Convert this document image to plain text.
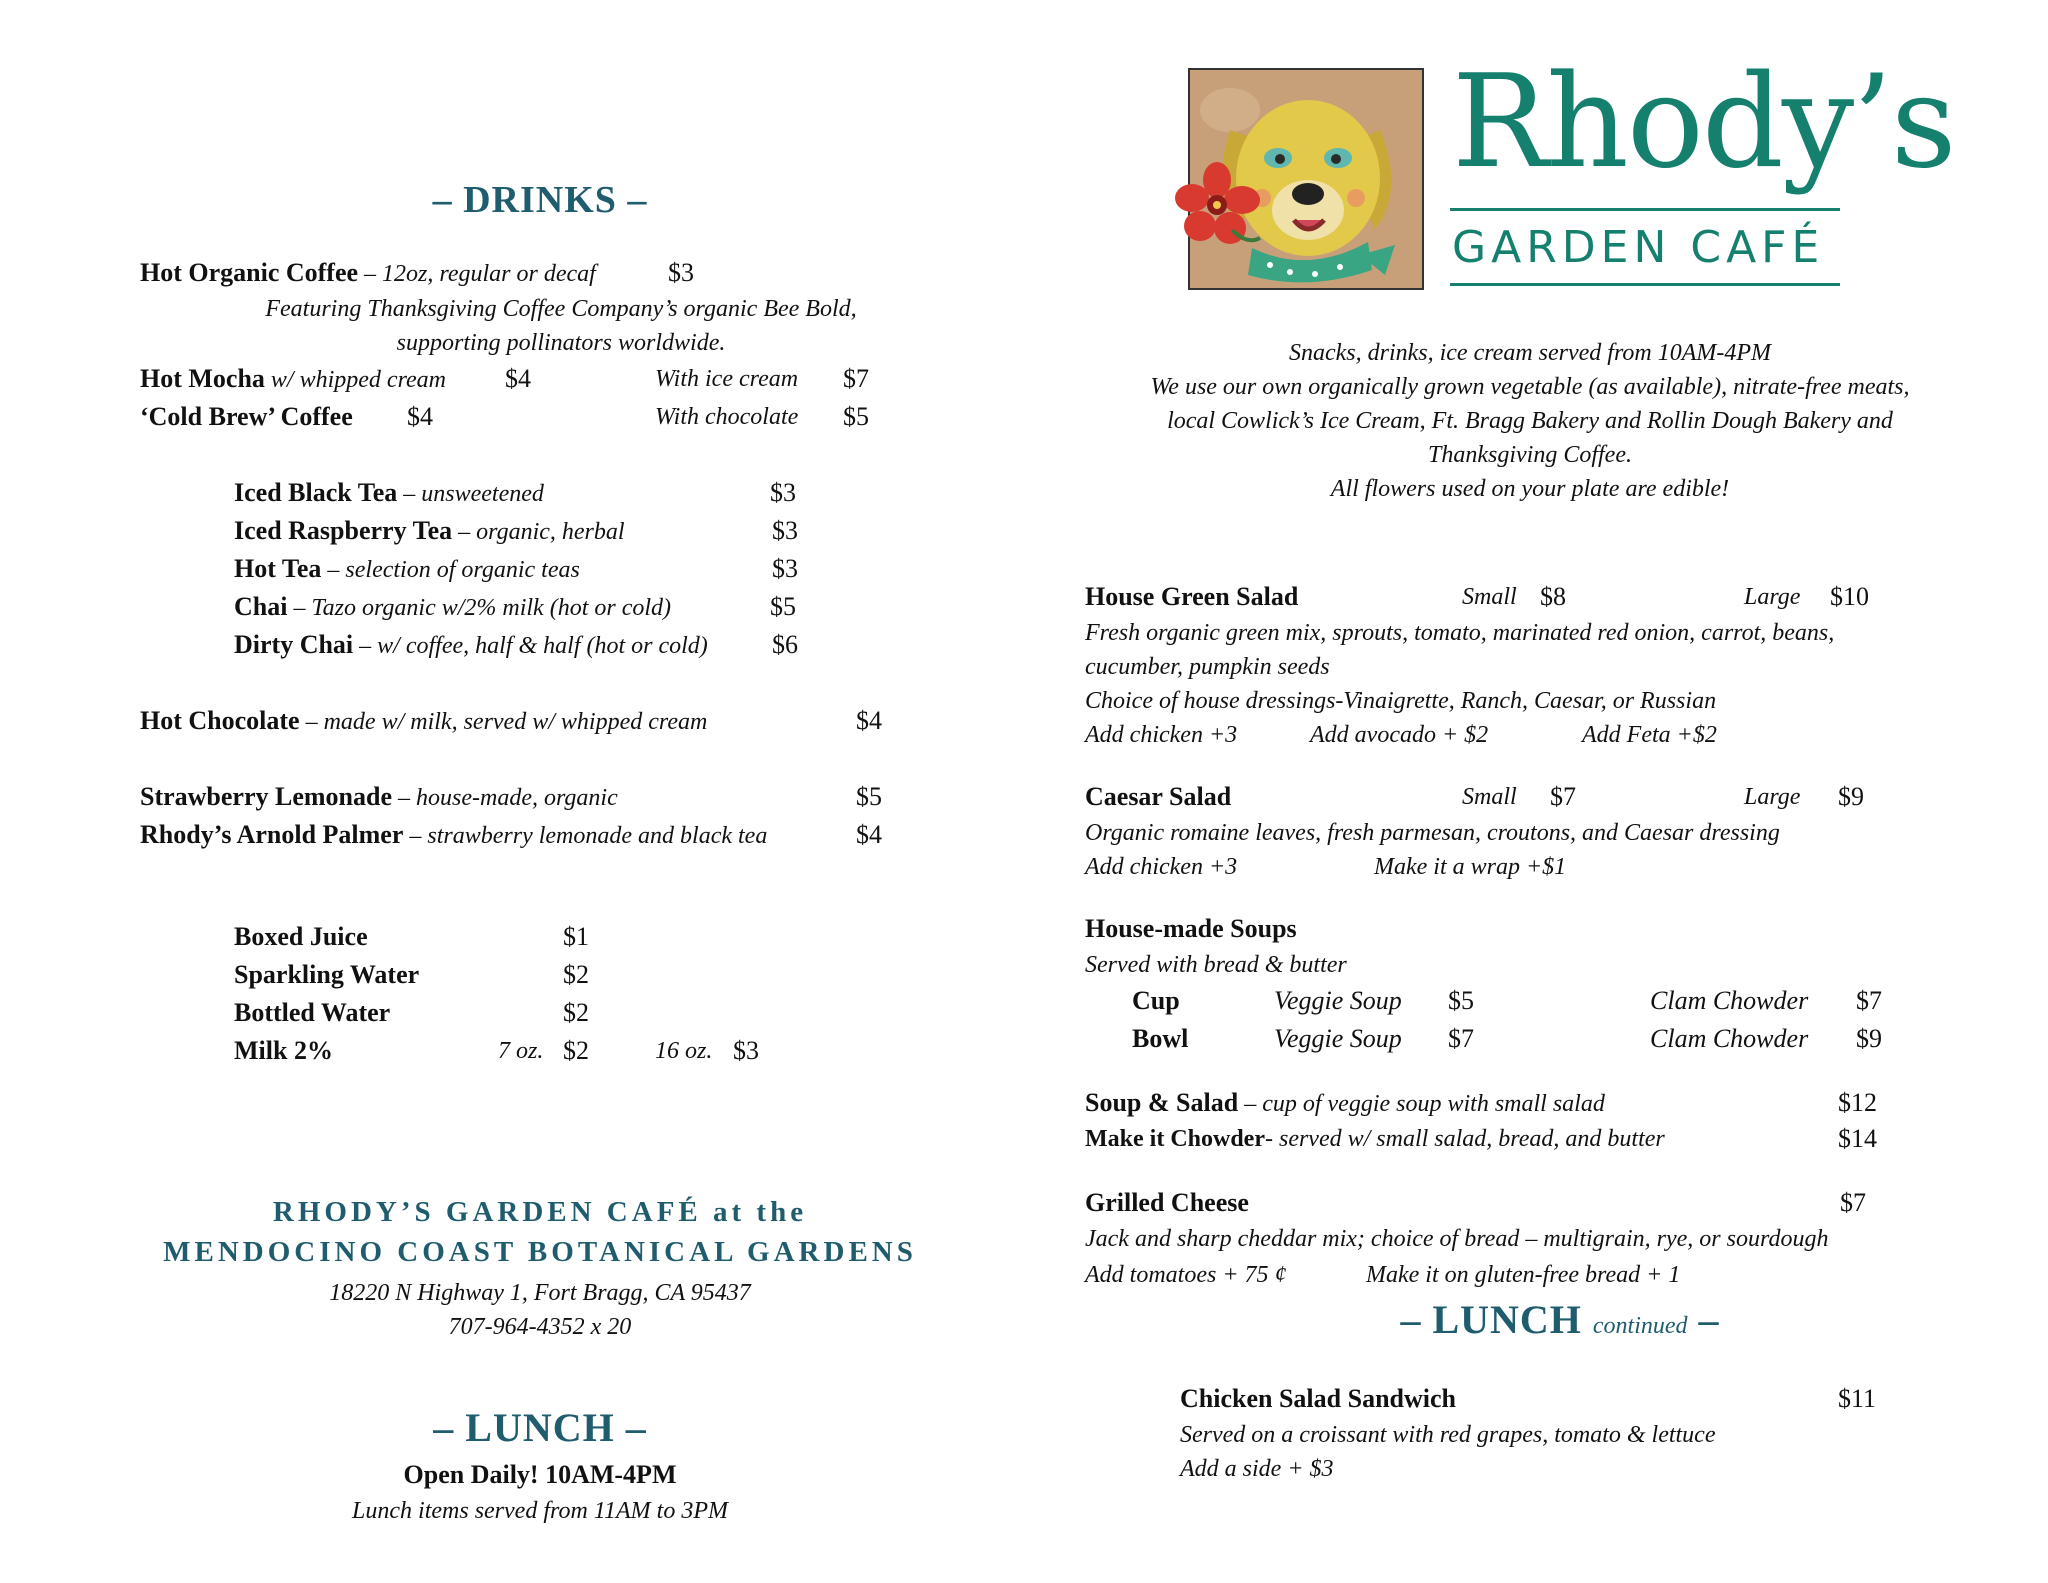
– DRINKS –
Hot Organic Coffee – 12oz, regular or decaf	$3
Featuring Thanksgiving Coffee Company’s organic Bee Bold,
supporting pollinators worldwide.
Hot Mocha w/ whipped cream $4	With ice cream $7
‘Cold Brew’ Coffee $4	With chocolate $5
Iced Black Tea – unsweetened	$3
Iced Raspberry Tea – organic, herbal	$3
Hot Tea – selection of organic teas	$3
Chai – Tazo organic w/2% milk (hot or cold)	$5
Dirty Chai – w/ coffee, half & half (hot or cold) $6
Hot Chocolate – made w/ milk, served w/ whipped cream	$4
Strawberry Lemonade – house-made, organic	$5
Rhody’s Arnold Palmer – strawberry lemonade and black tea	$4
Boxed Juice	$1
Sparkling Water	$2
Bottled Water	$2
Milk 2%	7 oz. $2	16 oz. $3
RHODY’S GARDEN CAFÉ at the
MENDOCINO COAST BOTANICAL GARDENS
18220 N Highway 1, Fort Bragg, CA 95437
707-964-4352 x 20
– LUNCH –
Open Daily! 10AM-4PM
Lunch items served from 11AM to 3PM
Rhody’s
GARDEN CAFÉ
Snacks, drinks, ice cream served from 10AM-4PM
We use our own organically grown vegetable (as available), nitrate-free meats,
local Cowlick’s Ice Cream, Ft. Bragg Bakery and Rollin Dough Bakery and
Thanksgiving Coffee.
All flowers used on your plate are edible!
House Green Salad	Small $8	Large $10
Fresh organic green mix, sprouts, tomato, marinated red onion, carrot, beans,
cucumber, pumpkin seeds
Choice of house dressings-Vinaigrette, Ranch, Caesar, or Russian
Add chicken +3	Add avocado + $2	Add Feta +$2
Caesar Salad	Small $7	Large $9
Organic romaine leaves, fresh parmesan, croutons, and Caesar dressing
Add chicken +3	Make it a wrap +$1
House-made Soups
Served with bread & butter
Cup	Veggie Soup $5	Clam Chowder $7
Bowl	Veggie Soup $7	Clam Chowder $9
Soup & Salad – cup of veggie soup with small salad	$12
Make it Chowder- served w/ small salad, bread, and butter	$14
Grilled Cheese	$7
Jack and sharp cheddar mix; choice of bread – multigrain, rye, or sourdough
Add tomatoes + 75 ¢	Make it on gluten-free bread + 1
– LUNCH continued –
Chicken Salad Sandwich	$11
Served on a croissant with red grapes, tomato & lettuce
Add a side + $3
